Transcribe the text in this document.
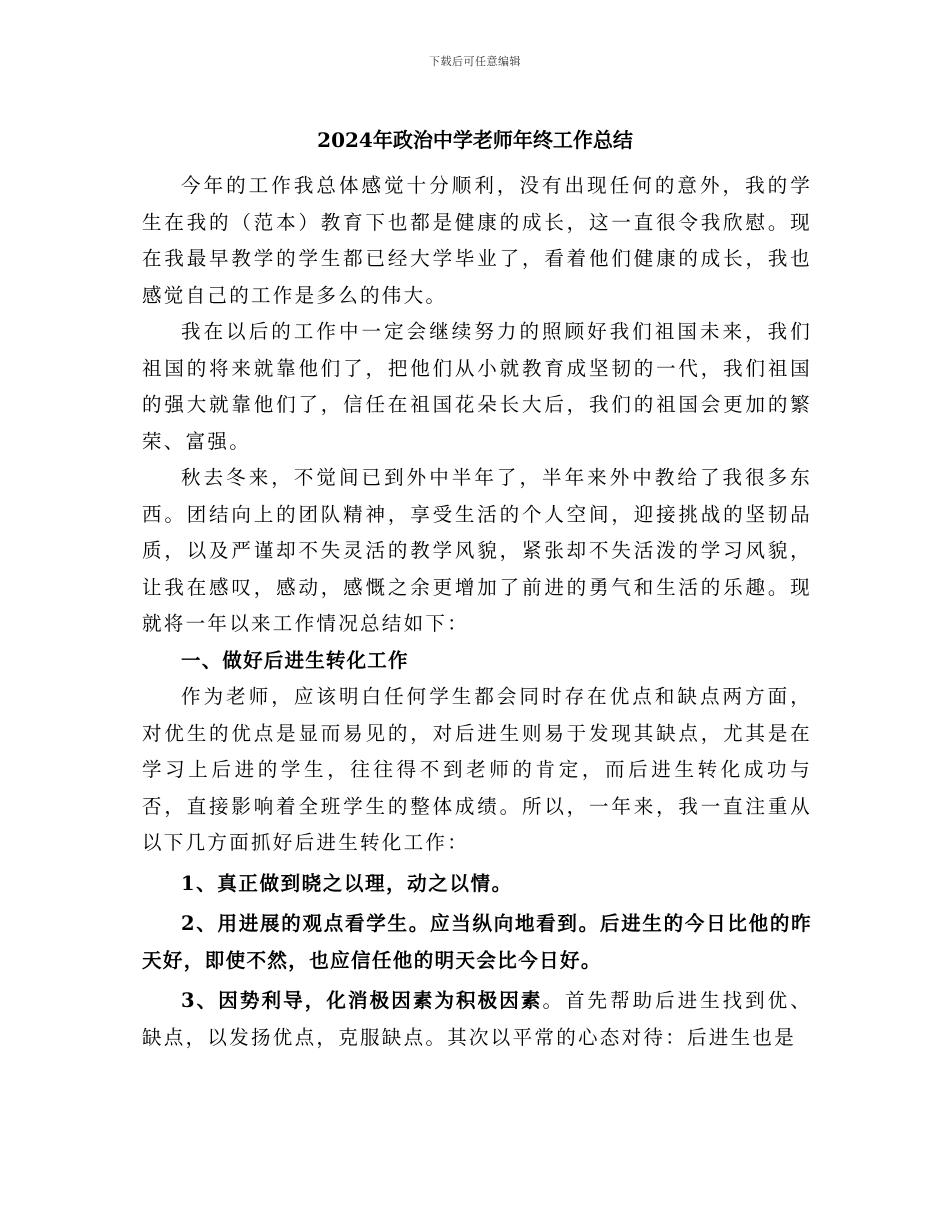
下载后可任意编辑
2024年政治中学老师年终工作总结

今年的工作我总体感觉十分顺利，没有出现任何的意外，我的学生在我的（范本）教育下也都是健康的成长，这一直很令我欣慰。现在我最早教学的学生都已经大学毕业了，看着他们健康的成长，我也感觉自己的工作是多么的伟大。

我在以后的工作中一定会继续努力的照顾好我们祖国未来，我们祖国的将来就靠他们了，把他们从小就教育成坚韧的一代，我们祖国的强大就靠他们了，信任在祖国花朵长大后，我们的祖国会更加的繁荣、富强。

秋去冬来，不觉间已到外中半年了，半年来外中教给了我很多东西。团结向上的团队精神，享受生活的个人空间，迎接挑战的坚韧品质，以及严谨却不失灵活的教学风貌，紧张却不失活泼的学习风貌，让我在感叹，感动，感慨之余更增加了前进的勇气和生活的乐趣。现就将一年以来工作情况总结如下：

一、做好后进生转化工作

作为老师，应该明白任何学生都会同时存在优点和缺点两方面，对优生的优点是显而易见的，对后进生则易于发现其缺点，尤其是在学习上后进的学生，往往得不到老师的肯定，而后进生转化成功与否，直接影响着全班学生的整体成绩。所以，一年来，我一直注重从以下几方面抓好后进生转化工作：

1、真正做到晓之以理，动之以情。

2、用进展的观点看学生。应当纵向地看到。后进生的今日比他的昨天好，即使不然，也应信任他的明天会比今日好。

3、因势利导，化消极因素为积极因素。首先帮助后进生找到优、缺点，以发扬优点，克服缺点。其次以平常的心态对待：后进生也是
